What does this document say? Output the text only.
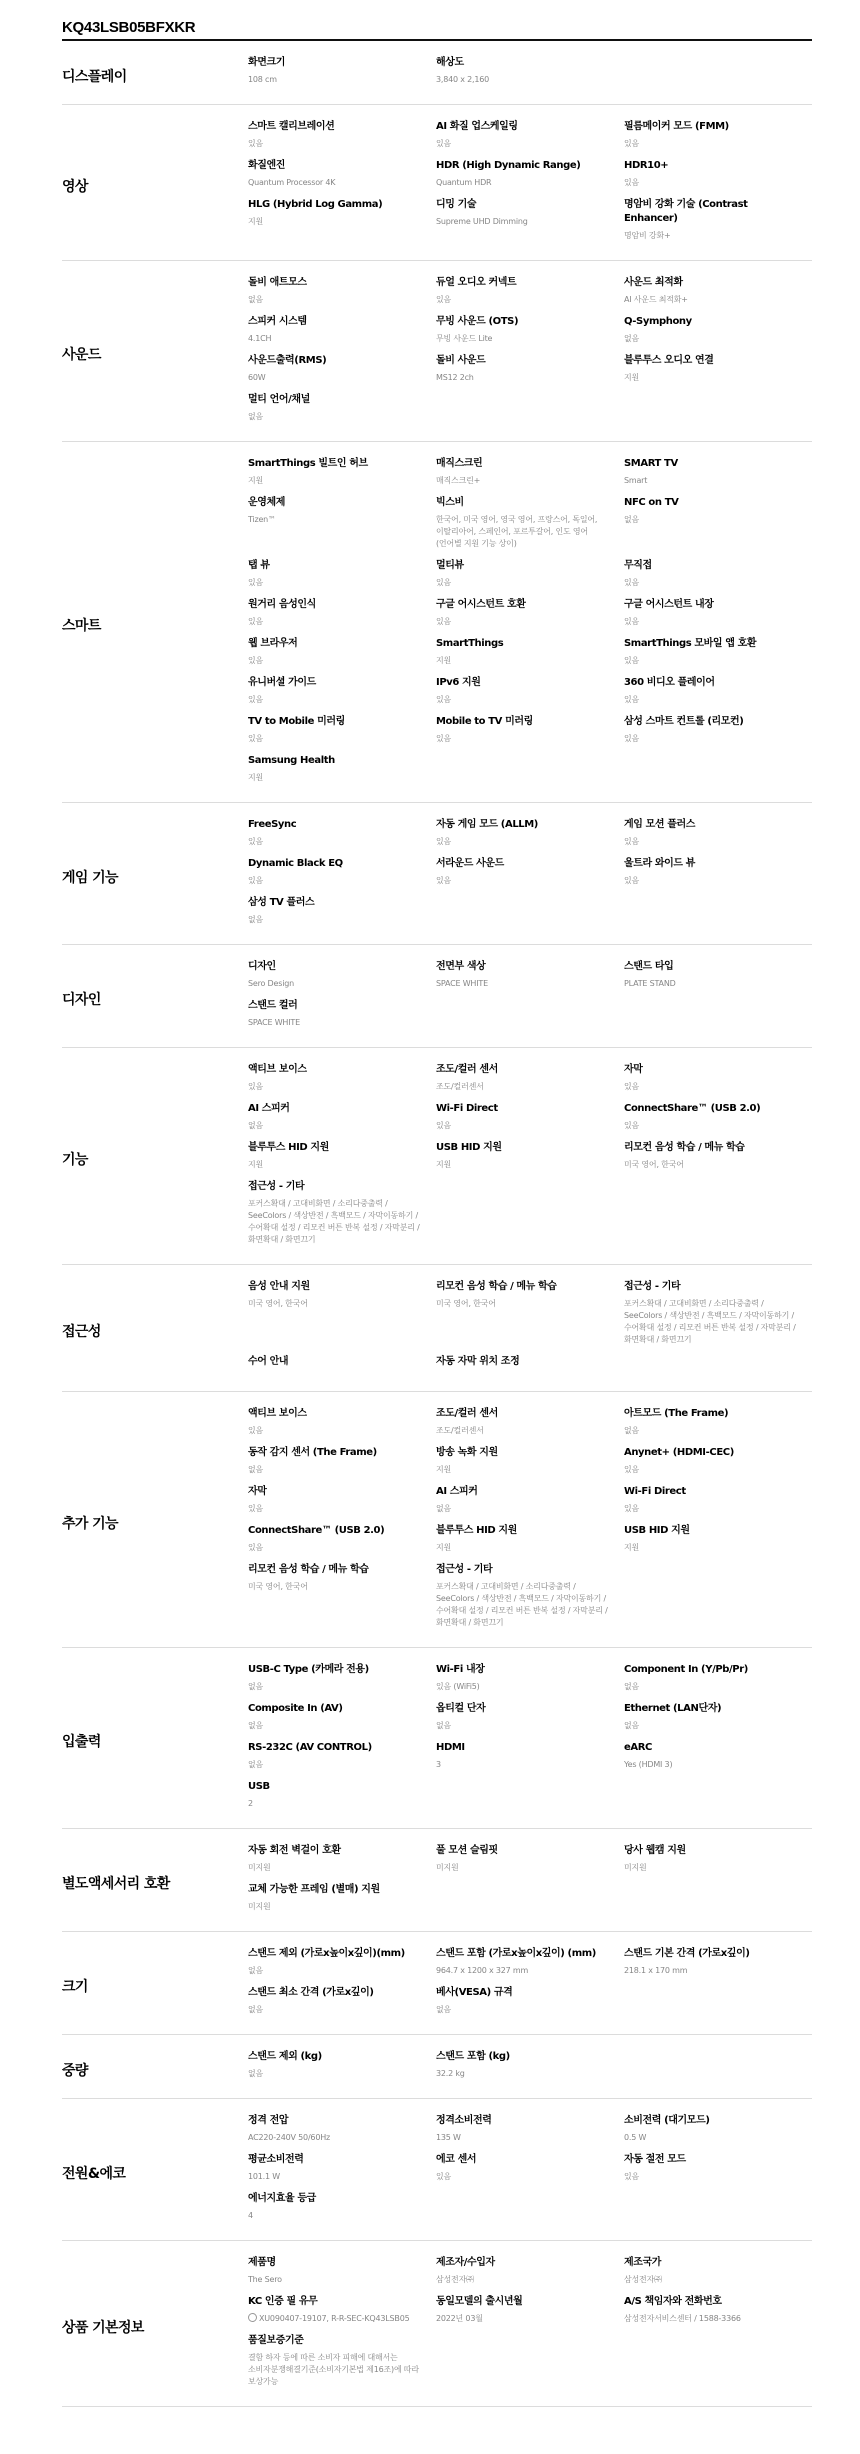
KQ43LSB05BFXKR
디스플레이
화면크기
108 cm
해상도
3,840 x 2,160
영상
스마트 캘리브레이션
있음
AI 화질 업스케일링
있음
필름메이커 모드 (FMM)
있음
화질엔진
Quantum Processor 4K
HDR (High Dynamic Range)
Quantum HDR
HDR10+
있음
HLG (Hybrid Log Gamma)
지원
디밍 기술
Supreme UHD Dimming
명암비 강화 기술 (Contrast Enhancer)
명암비 강화+
사운드
돌비 애트모스
없음
듀얼 오디오 커넥트
있음
사운드 최적화
AI 사운드 최적화+
스피커 시스템
4.1CH
무빙 사운드 (OTS)
무빙 사운드 Lite
Q-Symphony
없음
사운드출력(RMS)
60W
돌비 사운드
MS12 2ch
블루투스 오디오 연결
지원
멀티 언어/채널
없음
스마트
SmartThings 빌트인 허브
지원
매직스크린
매직스크린+
SMART TV
Smart
운영체제
Tizen™
빅스비
한국어, 미국 영어, 영국 영어, 프랑스어, 독일어, 이탈리아어, 스페인어, 포르투갈어, 인도 영어 (언어별 지원 기능 상이)
NFC on TV
없음
탭 뷰
있음
멀티뷰
있음
무직접
있음
원거리 음성인식
있음
구글 어시스턴트 호환
있음
구글 어시스턴트 내장
있음
웹 브라우저
있음
SmartThings
지원
SmartThings 모바일 앱 호환
있음
유니버셜 가이드
있음
IPv6 지원
있음
360 비디오 플레이어
있음
TV to Mobile 미러링
있음
Mobile to TV 미러링
있음
삼성 스마트 컨트롤 (리모컨)
있음
Samsung Health
지원
게임 기능
FreeSync
있음
자동 게임 모드 (ALLM)
있음
게임 모션 플러스
있음
Dynamic Black EQ
있음
서라운드 사운드
있음
울트라 와이드 뷰
있음
삼성 TV 플러스
없음
디자인
디자인
Sero Design
전면부 색상
SPACE WHITE
스탠드 타입
PLATE STAND
스탠드 컬러
SPACE WHITE
기능
액티브 보이스
있음
조도/컬러 센서
조도/컬러센서
자막
있음
AI 스피커
없음
Wi-Fi Direct
있음
ConnectShare™ (USB 2.0)
있음
블루투스 HID 지원
지원
USB HID 지원
지원
리모컨 음성 학습 / 메뉴 학습
미국 영어, 한국어
접근성 - 기타
포커스확대 / 고대비화면 / 소리다중출력 / SeeColors / 색상반전 / 흑백모드 / 자막이동하기 / 수어확대 설정 / 리모컨 버튼 반복 설정 / 자막분리 / 화면확대 / 화면끄기
접근성
음성 안내 지원
미국 영어, 한국어
리모컨 음성 학습 / 메뉴 학습
미국 영어, 한국어
접근성 - 기타
포커스확대 / 고대비화면 / 소리다중출력 / SeeColors / 색상반전 / 흑백모드 / 자막이동하기 / 수어확대 설정 / 리모컨 버튼 반복 설정 / 자막분리 / 화면확대 / 화면끄기
수어 안내	자동 자막 위치 조정
추가 기능
액티브 보이스
있음
조도/컬러 센서
조도/컬러센서
아트모드 (The Frame)
없음
동작 감지 센서 (The Frame)
없음
방송 녹화 지원
지원
Anynet+ (HDMI-CEC)
있음
자막
있음
AI 스피커
없음
Wi-Fi Direct
있음
ConnectShare™ (USB 2.0)
있음
블루투스 HID 지원
지원
USB HID 지원
지원
리모컨 음성 학습 / 메뉴 학습
미국 영어, 한국어
접근성 - 기타
포커스확대 / 고대비화면 / 소리다중출력 / SeeColors / 색상반전 / 흑백모드 / 자막이동하기 / 수어확대 설정 / 리모컨 버튼 반복 설정 / 자막분리 / 화면확대 / 화면끄기
입출력
USB-C Type (카메라 전용)
없음
Wi-Fi 내장
있음 (WiFi5)
Component In (Y/Pb/Pr)
없음
Composite In (AV)
없음
옵티컬 단자
없음
Ethernet (LAN단자)
없음
RS-232C (AV CONTROL)
없음
HDMI
3
eARC
Yes (HDMI 3)
USB
2
별도액세서리 호환
자동 회전 벽걸이 호환
미지원
풀 모션 슬림핏
미지원
당사 웹캠 지원
미지원
교체 가능한 프레임 (별매) 지원
미지원
크기
스탠드 제외 (가로x높이x깊이)(mm)
없음
스탠드 포함 (가로x높이x깊이) (mm)
964.7 x 1200 x 327 mm
스탠드 기본 간격 (가로x깊이)
218.1 x 170 mm
스탠드 최소 간격 (가로x깊이)
없음
베사(VESA) 규격
없음
중량
스탠드 제외 (kg)
없음
스탠드 포함 (kg)
32.2 kg
전원&에코
정격 전압
AC220-240V 50/60Hz
정격소비전력
135 W
소비전력 (대기모드)
0.5 W
평균소비전력
101.1 W
에코 센서
있음
자동 절전 모드
있음
에너지효율 등급
4
상품 기본정보
제품명
The Sero
제조자/수입자
삼성전자㈜
제조국가
삼성전자㈜
KC 인증 필 유무
XU090407-19107, R-R-SEC-KQ43LSB05
동일모델의 출시년월
2022년 03월
A/S 책임자와 전화번호
삼성전자서비스센터 / 1588-3366
품질보증기준
결함 하자 등에 따른 소비자 피해에 대해서는 소비자분쟁해결기준(소비자기본법 제16조)에 따라 보상가능
